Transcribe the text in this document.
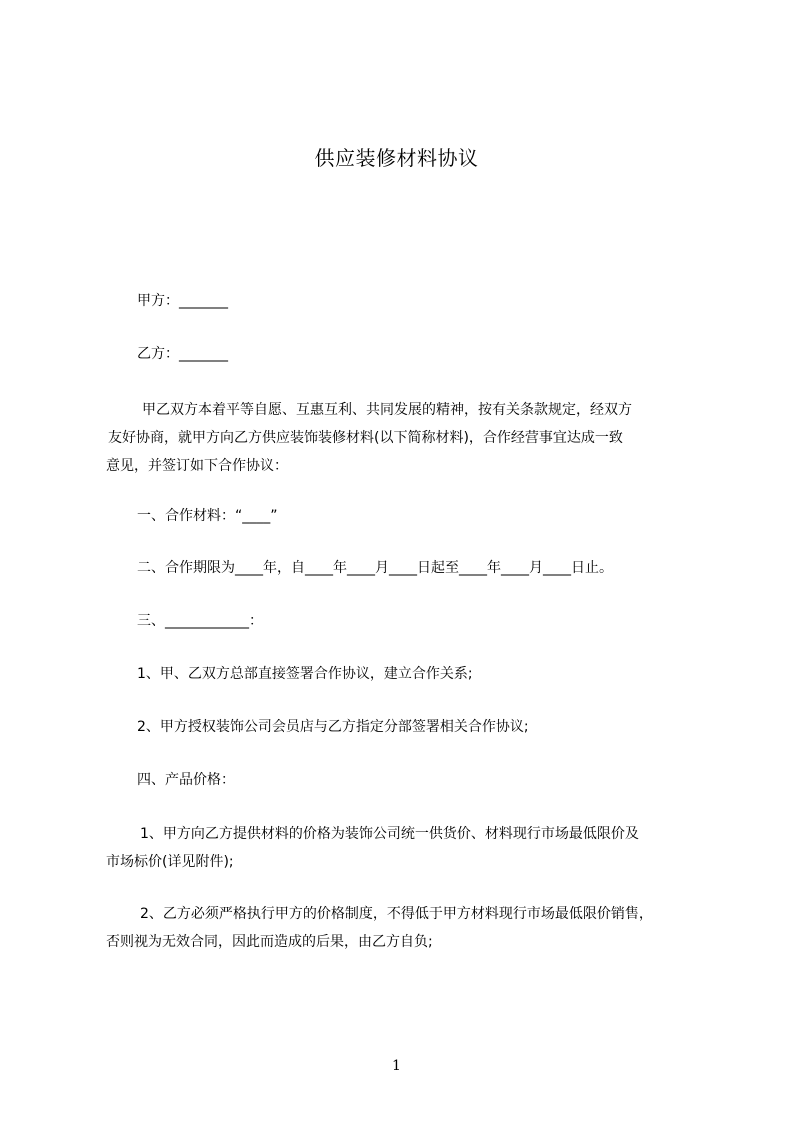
供应装修材料协议
甲方：_______
乙方：_______
甲乙双方本着平等自愿、互惠互利、共同发展的精神，按有关条款规定，经双方
友好协商，就甲方向乙方供应装饰装修材料(以下简称材料)，合作经营事宜达成一致
意见，并签订如下合作协议：
一、合作材料：“____”
二、合作期限为____年，自____年____月____日起至____年____月____日止。
三、____________：
1、甲、乙双方总部直接签署合作协议，建立合作关系;
2、甲方授权装饰公司会员店与乙方指定分部签署相关合作协议;
四、产品价格：
1、甲方向乙方提供材料的价格为装饰公司统一供货价、材料现行市场最低限价及
市场标价(详见附件);
2、乙方必须严格执行甲方的价格制度，不得低于甲方材料现行市场最低限价销售，
否则视为无效合同，因此而造成的后果，由乙方自负;
1
